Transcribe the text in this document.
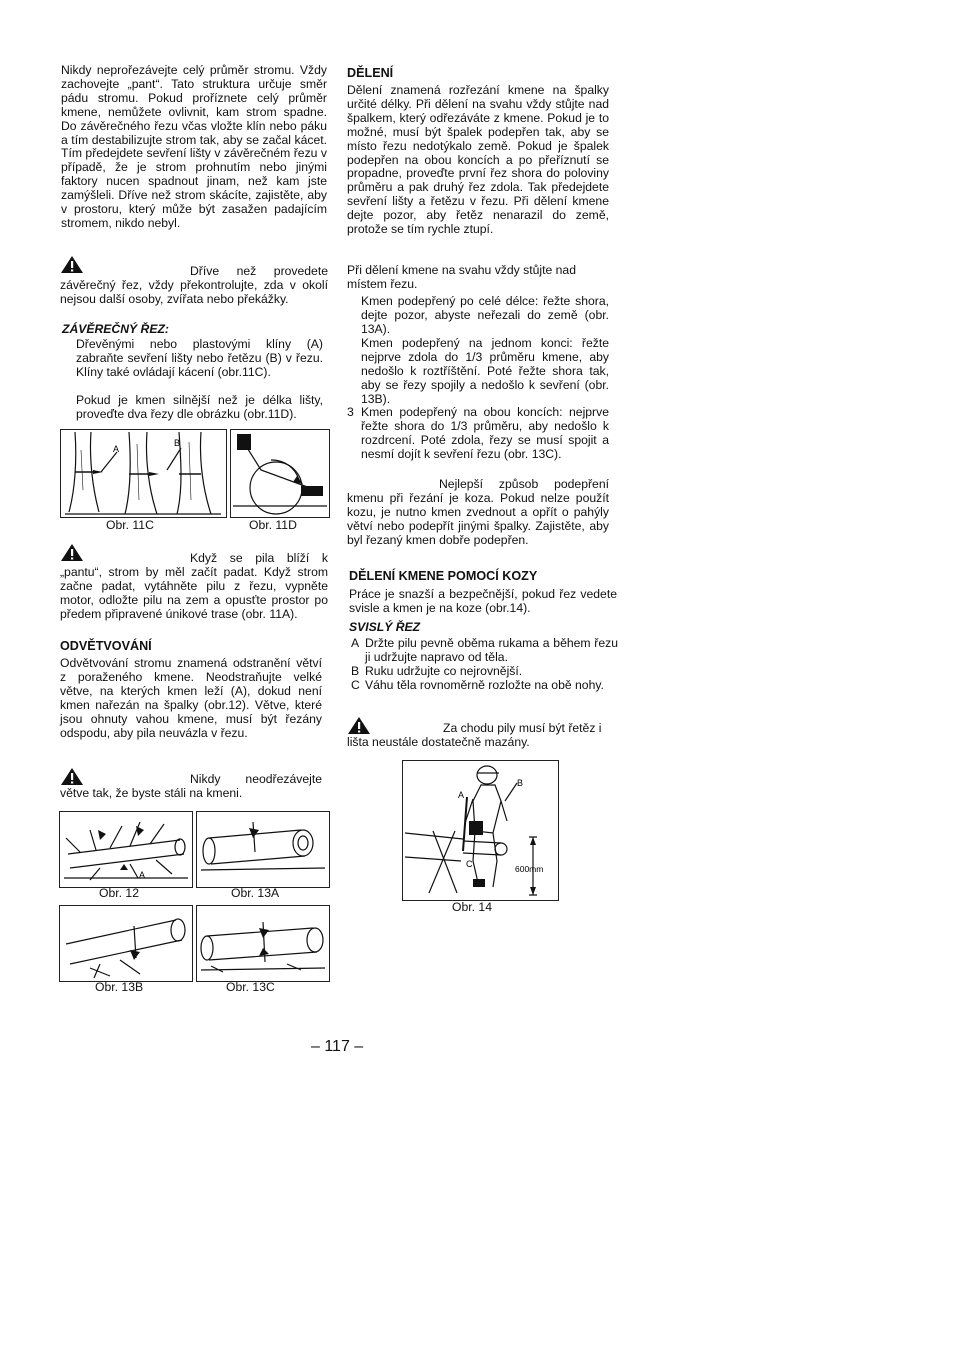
Nikdy neprořezávejte celý průměr stromu. Vždy zachovejte „pant“. Tato struktura určuje směr pádu stromu. Pokud proříznete celý průměr kmene, nemůžete ovlivnit, kam strom spadne. Do závěrečného řezu včas vložte klín nebo páku a tím destabilizujte strom tak, aby se začal kácet. Tím předejdete sevření lišty v závěrečném řezu v případě, že je strom prohnutím nebo jinými faktory nucen spadnout jinam, než kam jste zamýšleli. Dříve než strom skácíte, zajistěte, aby v prostoru, který může být zasažen padajícím stromem, nikdo nebyl.

Dříve než provedete závěrečný řez, vždy překontrolujte, zda v okolí nejsou další osoby, zvířata nebo překážky.

ZÁVĚREČNÝ ŘEZ:

Dřevěnými nebo plastovými klíny (A) zabraňte sevření lišty nebo řetězu (B) v řezu. Klíny také ovládají kácení (obr.11C).

Pokud je kmen silnější než je délka lišty, proveďte dva řezy dle obrázku (obr.11D).

A
B
Obr. 11C	Obr. 11D

Když se pila blíží k „pantu“, strom by měl začít padat. Když strom začne padat, vytáhněte pilu z řezu, vypněte motor, odložte pilu na zem a opusťte prostor po předem připravené únikové trase (obr. 11A).

ODVĚTVOVÁNÍ

Odvětvování stromu znamená odstranění větví z poraženého kmene. Neodstraňujte velké větve, na kterých kmen leží (A), dokud není kmen nařezán na špalky (obr.12). Větve, které jsou ohnuty vahou kmene, musí být řezány odspodu, aby pila neuvázla v řezu.

Nikdy neodřezávejte větve tak, že byste stáli na kmeni.

A
Obr. 12	Obr. 13A
Obr. 13B	Obr. 13C
DĚLENÍ

Dělení znamená rozřezání kmene na špalky určité délky. Při dělení na svahu vždy stůjte nad špalkem, který odřezáváte z kmene. Pokud je to možné, musí být špalek podepřen tak, aby se místo řezu nedotýkalo země. Pokud je špalek podepřen na obou koncích a po přeříznutí se propadne, proveďte první řez shora do poloviny průměru a pak druhý řez zdola. Tak předejdete sevření lišty a řetězu v řezu. Při dělení kmene dejte pozor, aby řetěz nenarazil do země, protože se tím rychle ztupí.

Při dělení kmene na svahu vždy stůjte nad místem řezu.

Kmen podepřený po celé délce: řežte shora, dejte pozor, abyste neřezali do země (obr. 13A).

Kmen podepřený na jednom konci: řežte nejprve zdola do 1/3 průměru kmene, aby nedošlo k roztříštění. Poté řežte shora tak, aby se řezy spojily a nedošlo k sevření (obr. 13B).

3 Kmen podepřený na obou koncích: nejprve řežte shora do 1/3 průměru, aby nedošlo k rozdrcení. Poté zdola, řezy se musí spojit a nesmí dojít k sevření řezu (obr. 13C).

Nejlepší způsob podepření kmenu při řezání je koza. Pokud nelze použít kozu, je nutno kmen zvednout a opřít o pahýly větví nebo podepřít jinými špalky. Zajistěte, aby byl řezaný kmen dobře podepřen.

DĚLENÍ KMENE POMOCÍ KOZY

Práce je snazší a bezpečnější, pokud řez vedete svisle a kmen je na koze (obr.14).

SVISLÝ ŘEZ
A Držte pilu pevně oběma rukama a během řezu ji udržujte napravo od těla.
B Ruku udržujte co nejrovnější.
C Váhu těla rovnoměrně rozložte na obě nohy.

Za chodu pily musí být řetěz i lišta neustále dostatečně mazány.

A
B
C	600mm
Obr. 14
– 117 –
